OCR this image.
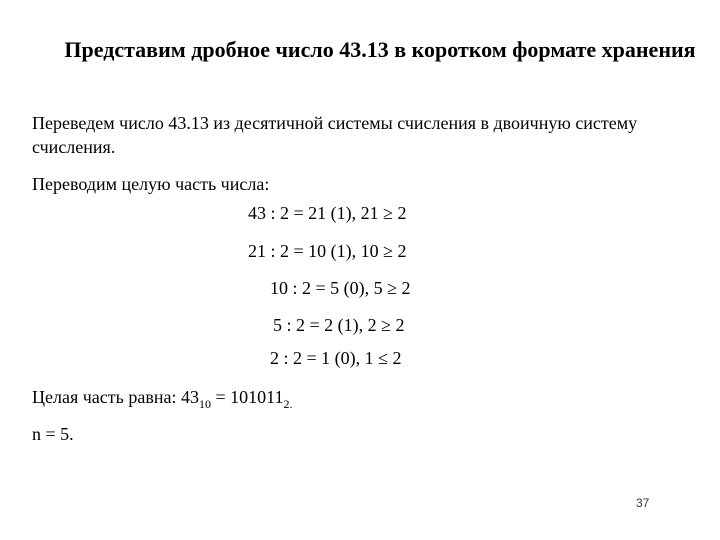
Представим дробное число 43.13 в коротком формате хранения
Переведем число 43.13 из десятичной системы счисления в двоичную систему счисления.
Переводим целую часть числа:
43 : 2 = 21 (1), 21 ≥ 2
21 : 2 = 10 (1), 10 ≥ 2
10 : 2 = 5 (0), 5 ≥ 2
5 : 2 = 2 (1), 2 ≥ 2
2 : 2 = 1 (0), 1 ≤ 2
Целая часть равна: $43_{10} = 101011_{2.}$
n = 5.
37
